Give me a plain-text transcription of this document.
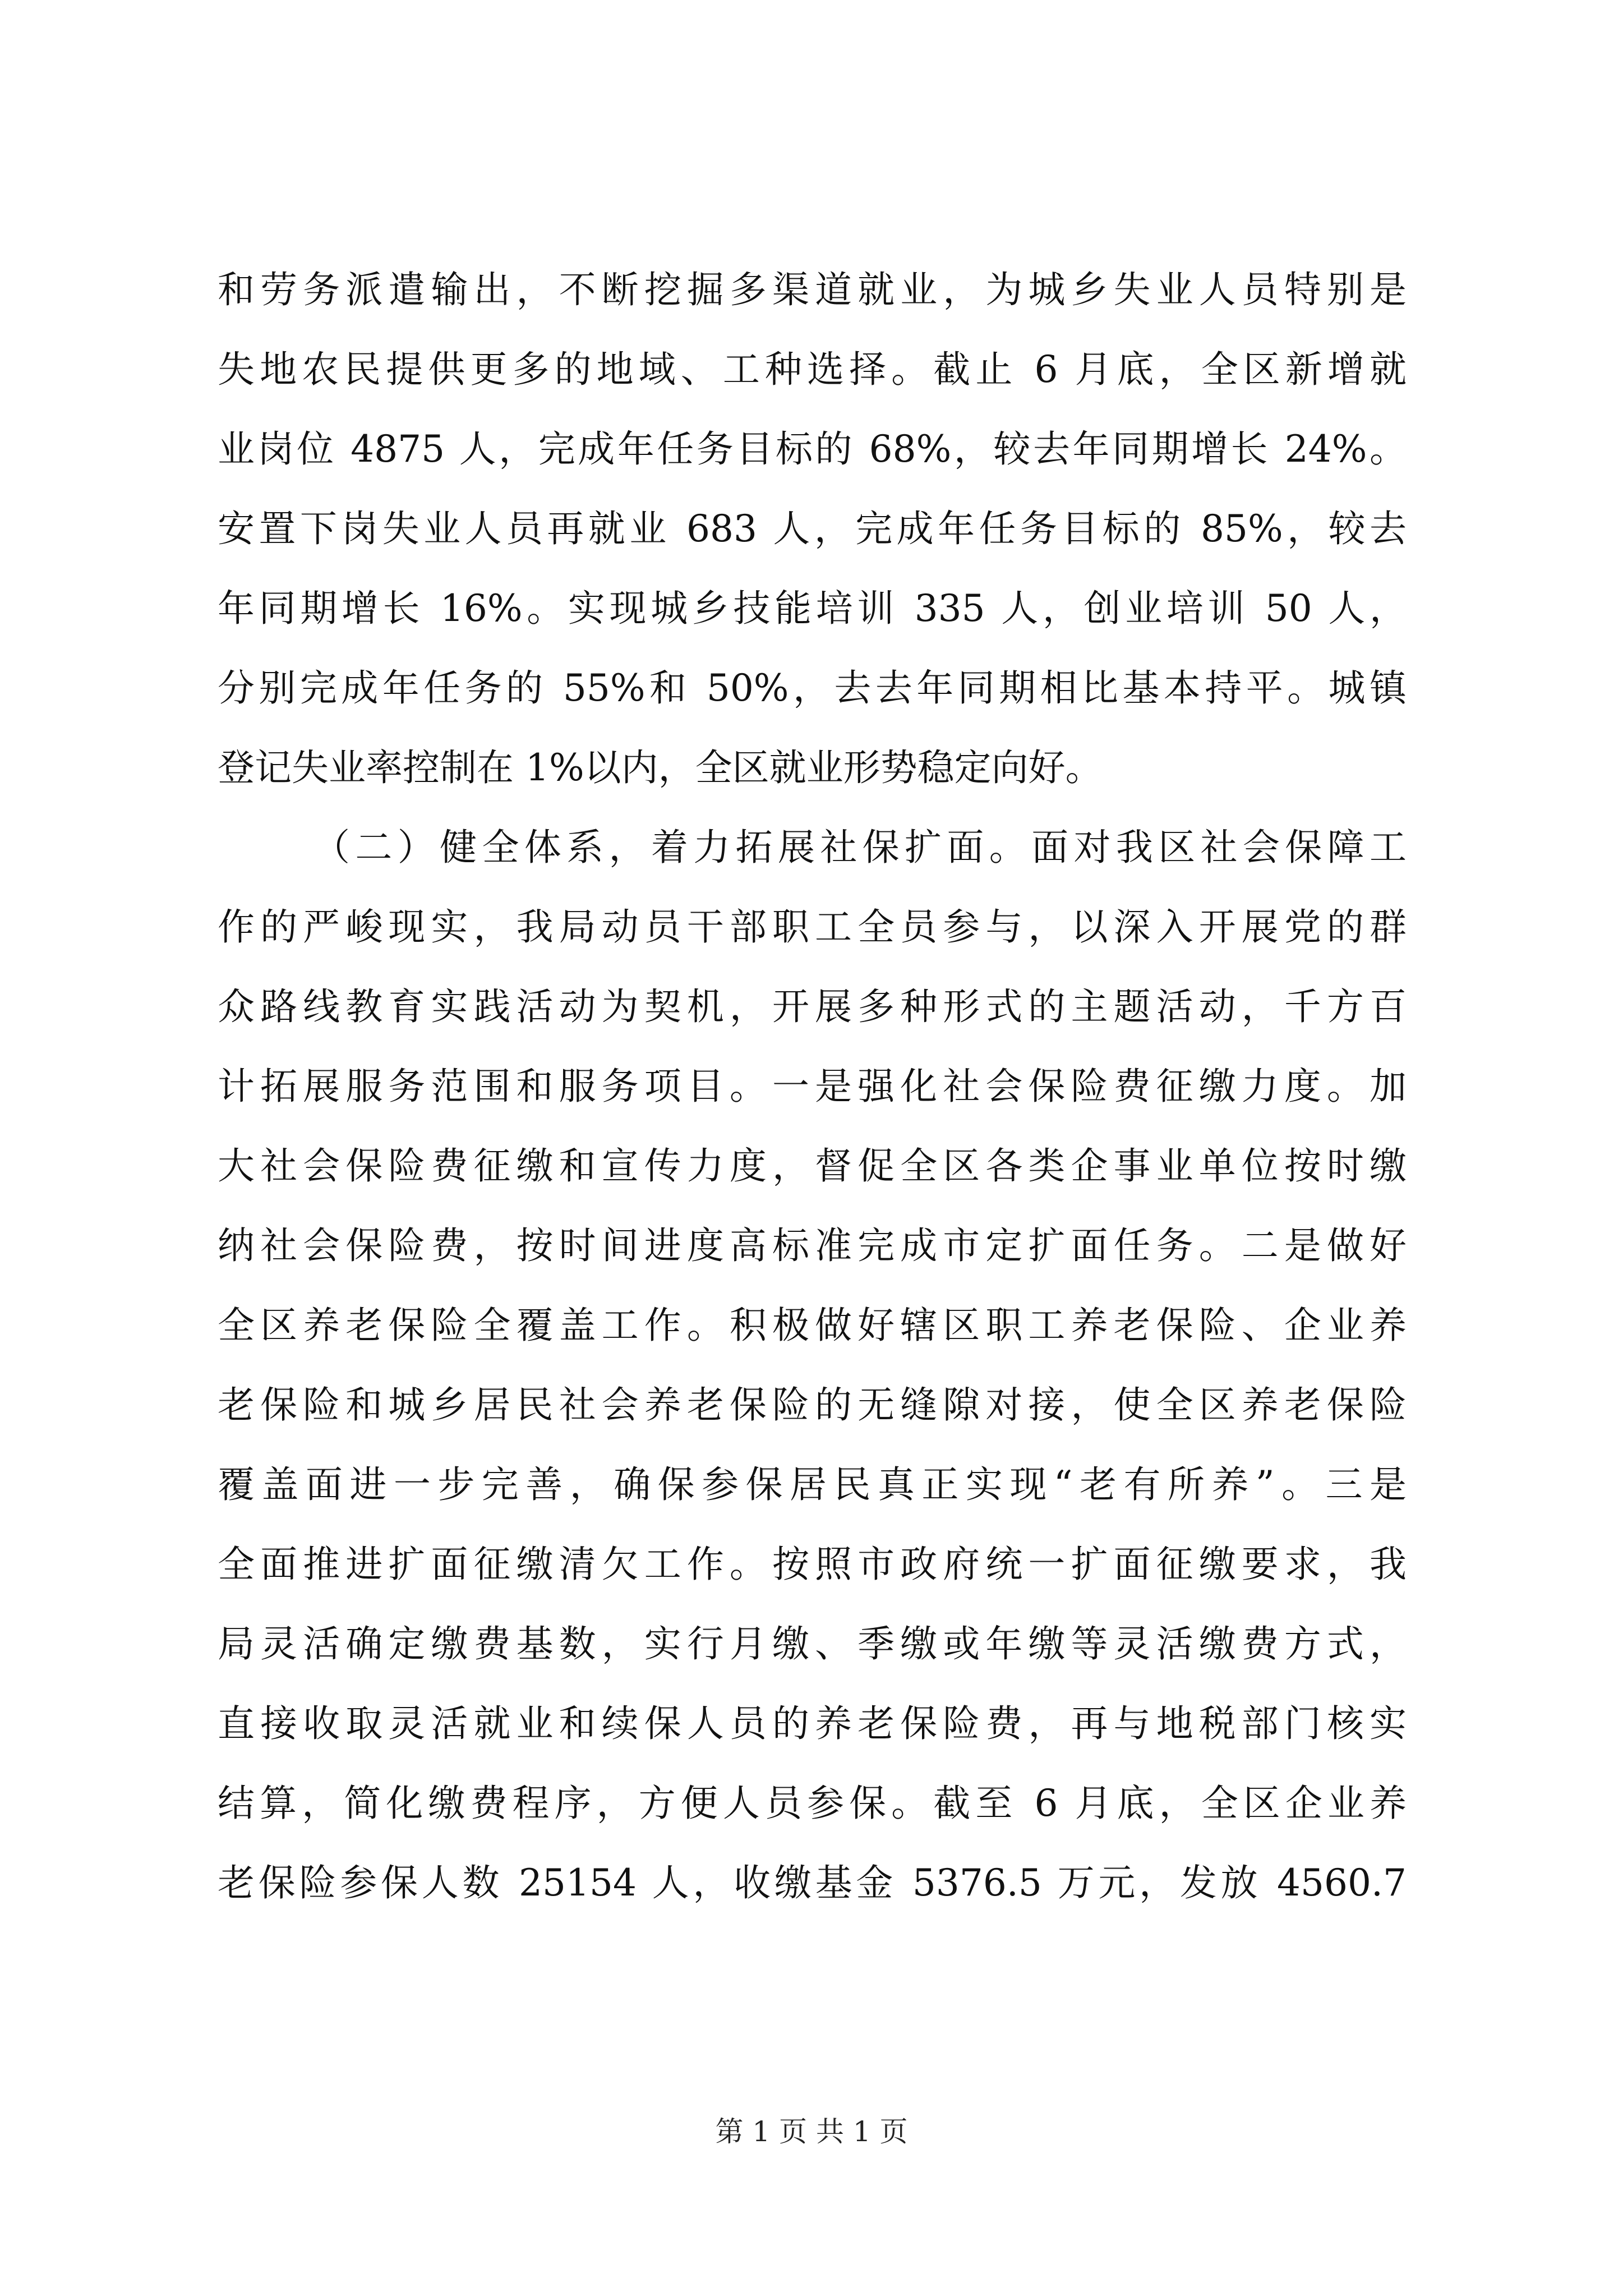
和劳务派遣输出，不断挖掘多渠道就业，为城乡失业人员特别是
失地农民提供更多的地域、工种选择。截止 6 月底，全区新增就
业岗位 4875 人，完成年任务目标的 68%，较去年同期增长 24%。
安置下岗失业人员再就业 683 人，完成年任务目标的 85%，较去
年同期增长 16%。实现城乡技能培训 335 人，创业培训 50 人，
分别完成年任务的 55%和 50%，去去年同期相比基本持平。城镇
登记失业率控制在 1%以内，全区就业形势稳定向好。
（二）健全体系，着力拓展社保扩面。面对我区社会保障工
作的严峻现实，我局动员干部职工全员参与，以深入开展党的群
众路线教育实践活动为契机，开展多种形式的主题活动，千方百
计拓展服务范围和服务项目。一是强化社会保险费征缴力度。加
大社会保险费征缴和宣传力度，督促全区各类企事业单位按时缴
纳社会保险费，按时间进度高标准完成市定扩面任务。二是做好
全区养老保险全覆盖工作。积极做好辖区职工养老保险、企业养
老保险和城乡居民社会养老保险的无缝隙对接，使全区养老保险
覆盖面进一步完善，确保参保居民真正实现“老有所养”。三是
全面推进扩面征缴清欠工作。按照市政府统一扩面征缴要求，我
局灵活确定缴费基数，实行月缴、季缴或年缴等灵活缴费方式，
直接收取灵活就业和续保人员的养老保险费，再与地税部门核实
结算，简化缴费程序，方便人员参保。截至 6 月底，全区企业养
老保险参保人数 25154 人，收缴基金 5376.5 万元，发放 4560.7
第 1 页 共 1 页
